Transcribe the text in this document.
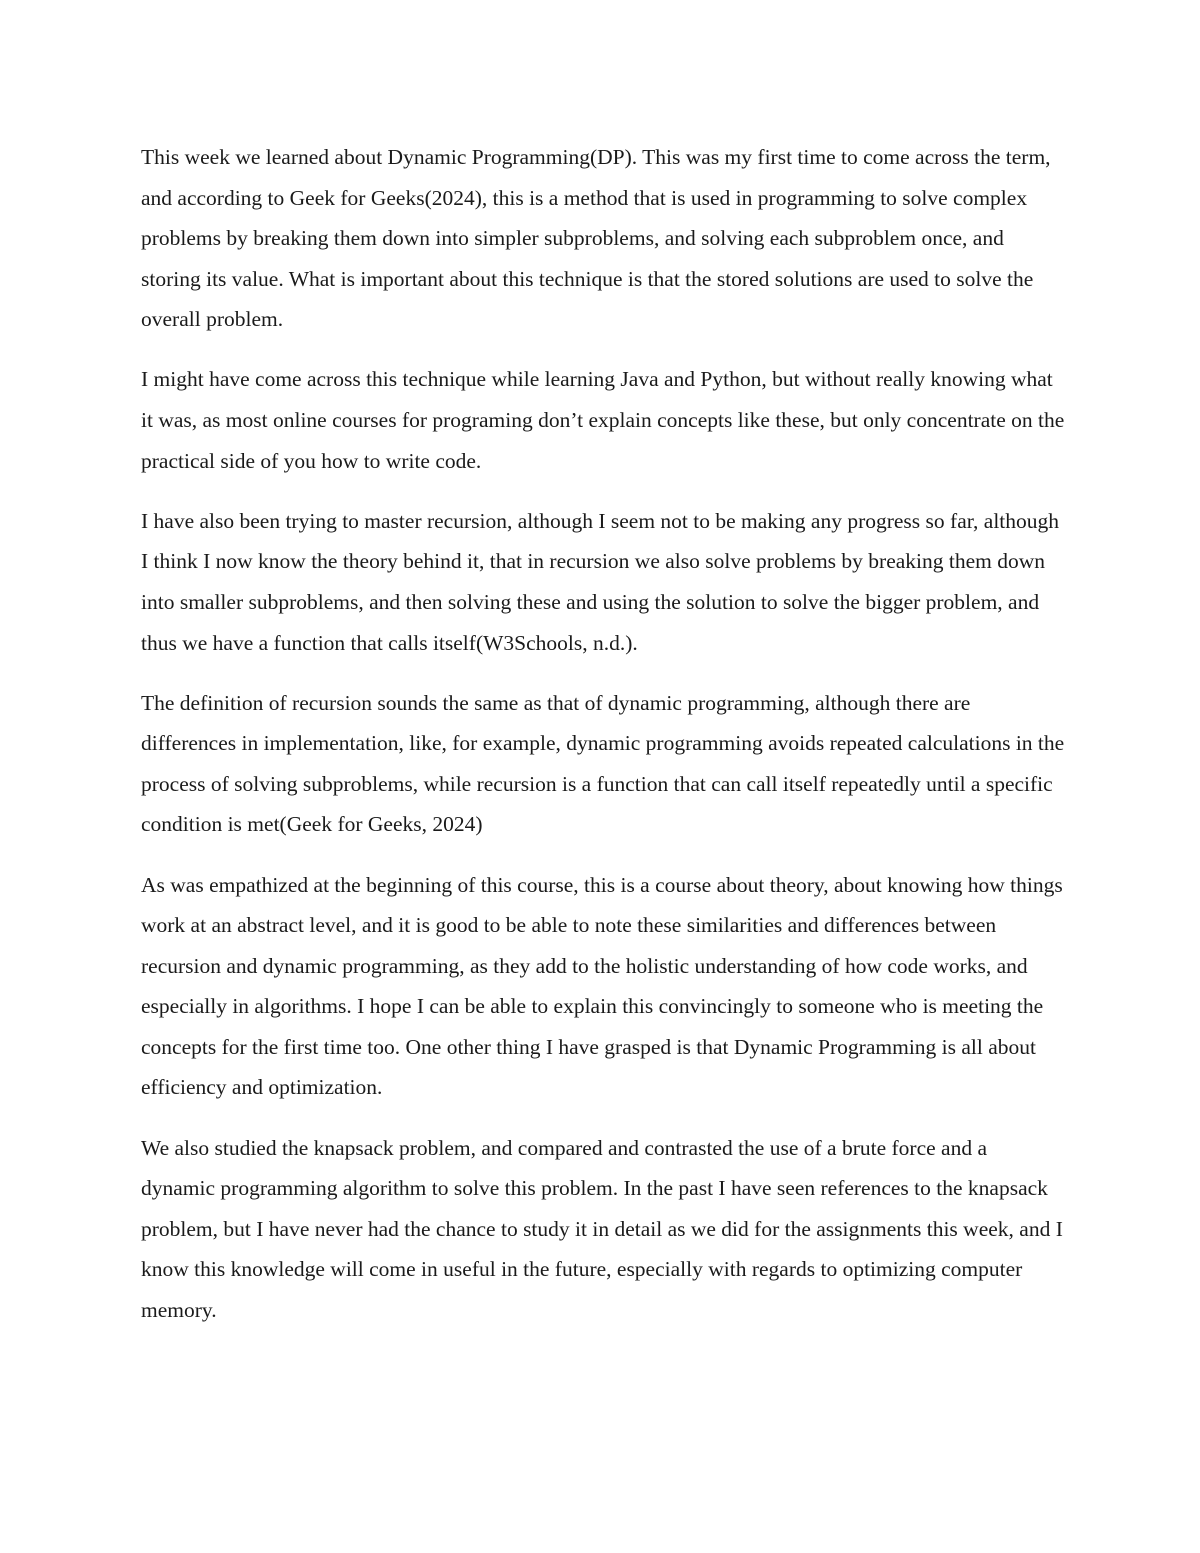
This week we learned about Dynamic Programming(DP). This was my first time to come across the term, and according to Geek for Geeks(2024), this is a method that is used in programming to solve complex problems by breaking them down into simpler subproblems, and solving each subproblem once, and storing its value. What is important about this technique is that the stored solutions are used to solve the overall problem.

I might have come across this technique while learning Java and Python, but without really knowing what it was, as most online courses for programing don’t explain concepts like these, but only concentrate on the practical side of you how to write code.

I have also been trying to master recursion, although I seem not to be making any progress so far, although I think I now know the theory behind it, that in recursion we also solve problems by breaking them down into smaller subproblems, and then solving these and using the solution to solve the bigger problem, and thus we have a function that calls itself(W3Schools, n.d.).

The definition of recursion sounds the same as that of dynamic programming, although there are differences in implementation, like, for example, dynamic programming avoids repeated calculations in the process of solving subproblems, while recursion is a function that can call itself repeatedly until a specific condition is met(Geek for Geeks, 2024)

As was empathized at the beginning of this course, this is a course about theory, about knowing how things work at an abstract level, and it is good to be able to note these similarities and differences between recursion and dynamic programming, as they add to the holistic understanding of how code works, and especially in algorithms. I hope I can be able to explain this convincingly to someone who is meeting the concepts for the first time too. One other thing I have grasped is that Dynamic Programming is all about efficiency and optimization.

We also studied the knapsack problem, and compared and contrasted the use of a brute force and a dynamic programming algorithm to solve this problem. In the past I have seen references to the knapsack problem, but I have never had the chance to study it in detail as we did for the assignments this week, and I know this knowledge will come in useful in the future, especially with regards to optimizing computer memory.
